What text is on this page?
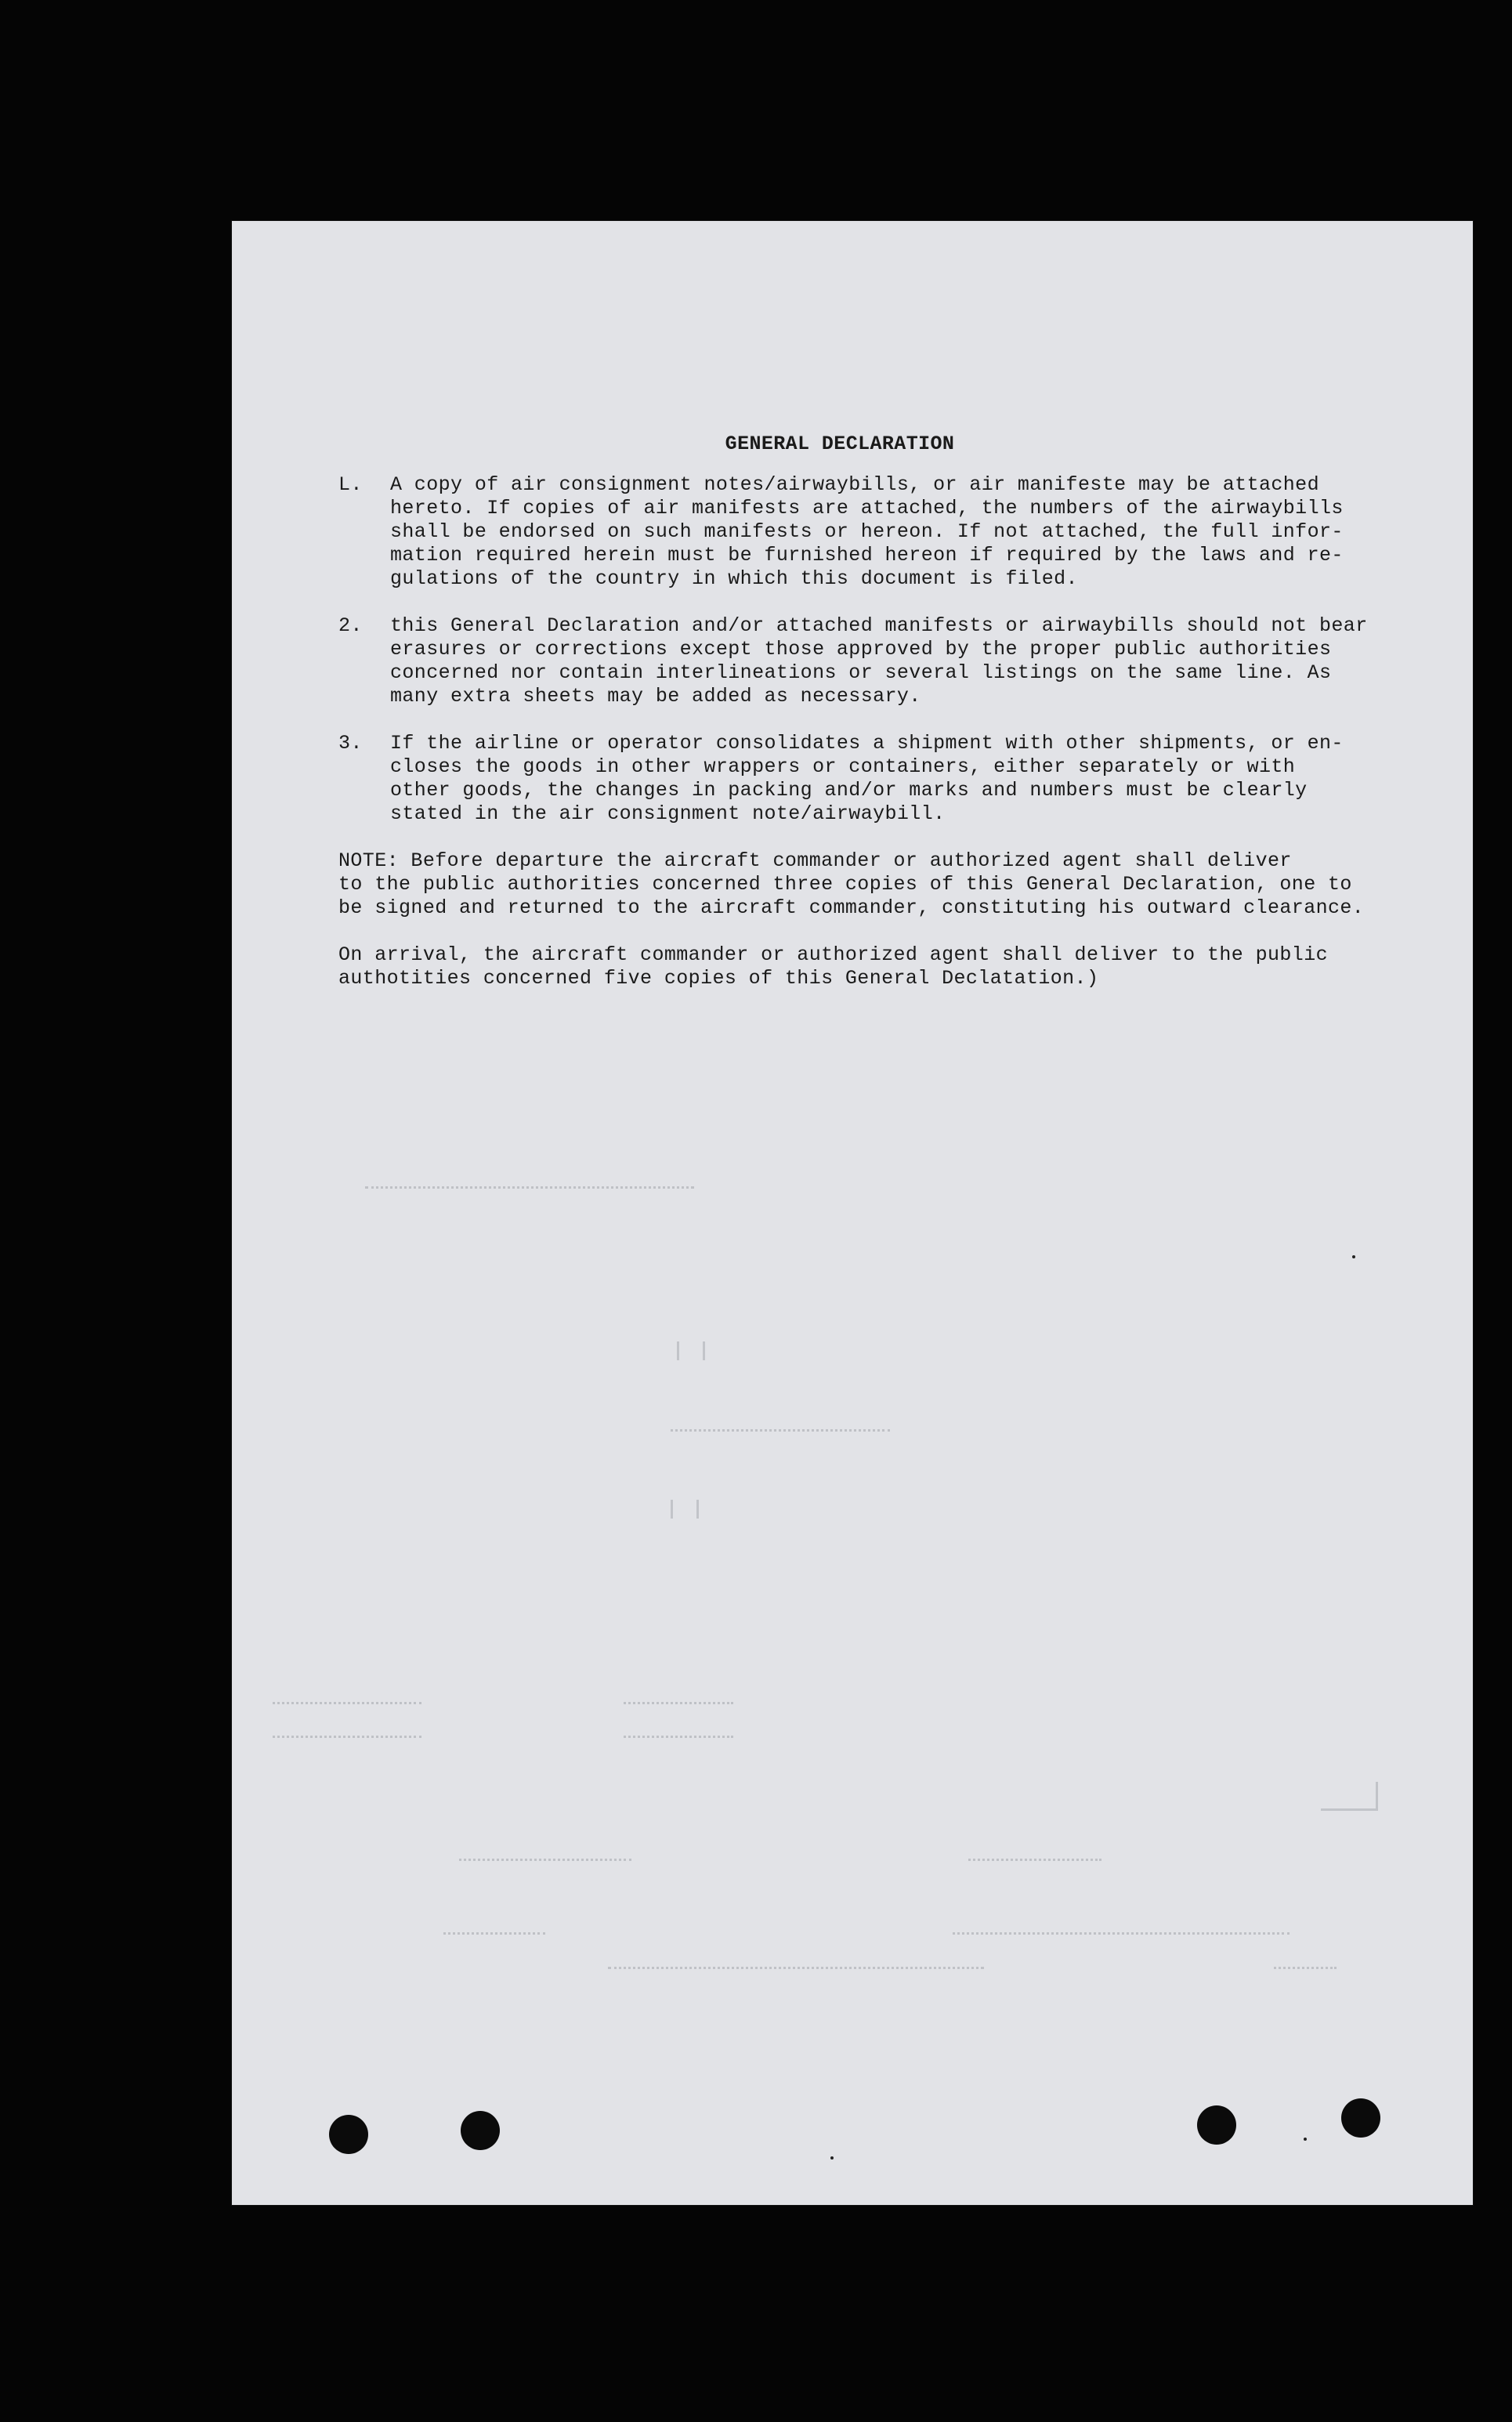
GENERAL DECLARATION
L.	A copy of air consignment notes/airwaybills, or air manifeste may be attached
hereto. If copies of air manifests are attached, the numbers of the airwaybills
shall be endorsed on such manifests or hereon. If not attached, the full infor-
mation required herein must be furnished hereon if required by the laws and re-
gulations of the country in which this document is filed.
2.	this General Declaration and/or attached manifests or airwaybills should not bear
erasures or corrections except those approved by the proper public authorities
concerned nor contain interlineations or several listings on the same line. As
many extra sheets may be added as necessary.
3.	If the airline or operator consolidates a shipment with other shipments, or en-
closes the goods in other wrappers or containers, either separately or with
other goods, the changes in packing and/or marks and numbers must be clearly
stated in the air consignment note/airwaybill.
NOTE: Before departure the aircraft commander or authorized agent shall deliver
to the public authorities concerned three copies of this General Declaration, one to
be signed and returned to the aircraft commander, constituting his outward clearance.
On arrival, the aircraft commander or authorized agent shall deliver to the public
authotities concerned five copies of this General Declatation.)
